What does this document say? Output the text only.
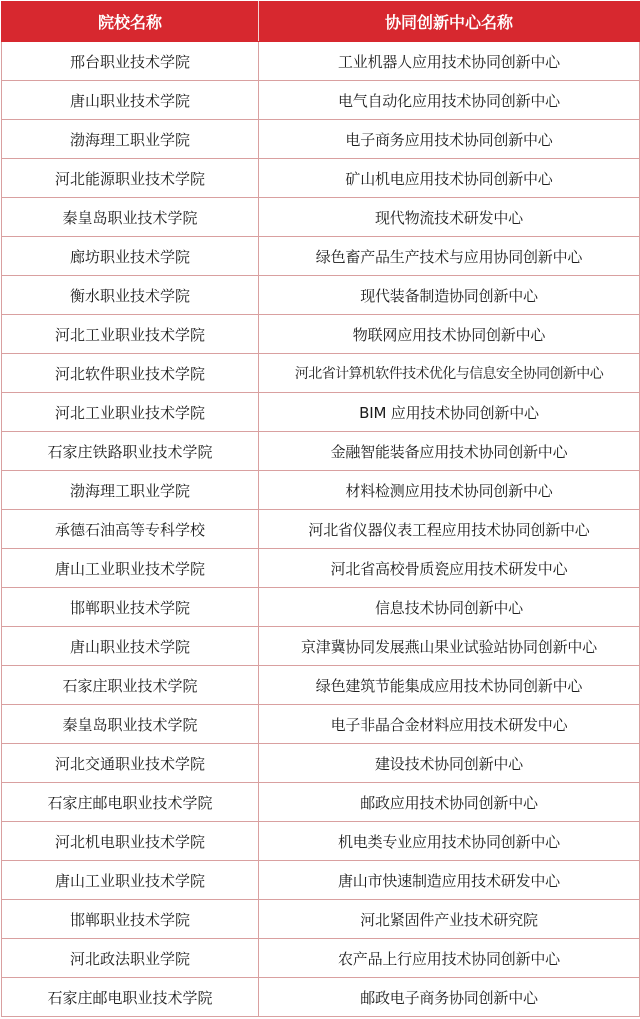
院校名称	协同创新中心名称
邢台职业技术学院	工业机器人应用技术协同创新中心
唐山职业技术学院	电气自动化应用技术协同创新中心
渤海理工职业学院	电子商务应用技术协同创新中心
河北能源职业技术学院	矿山机电应用技术协同创新中心
秦皇岛职业技术学院	现代物流技术研发中心
廊坊职业技术学院	绿色畜产品生产技术与应用协同创新中心
衡水职业技术学院	现代装备制造协同创新中心
河北工业职业技术学院	物联网应用技术协同创新中心
河北软件职业技术学院	河北省计算机软件技术优化与信息安全协同创新中心
河北工业职业技术学院	BIM 应用技术协同创新中心
石家庄铁路职业技术学院	金融智能装备应用技术协同创新中心
渤海理工职业学院	材料检测应用技术协同创新中心
承德石油高等专科学校	河北省仪器仪表工程应用技术协同创新中心
唐山工业职业技术学院	河北省高校骨质瓷应用技术研发中心
邯郸职业技术学院	信息技术协同创新中心
唐山职业技术学院	京津冀协同发展燕山果业试验站协同创新中心
石家庄职业技术学院	绿色建筑节能集成应用技术协同创新中心
秦皇岛职业技术学院	电子非晶合金材料应用技术研发中心
河北交通职业技术学院	建设技术协同创新中心
石家庄邮电职业技术学院	邮政应用技术协同创新中心
河北机电职业技术学院	机电类专业应用技术协同创新中心
唐山工业职业技术学院	唐山市快速制造应用技术研发中心
邯郸职业技术学院	河北紧固件产业技术研究院
河北政法职业学院	农产品上行应用技术协同创新中心
石家庄邮电职业技术学院	邮政电子商务协同创新中心
